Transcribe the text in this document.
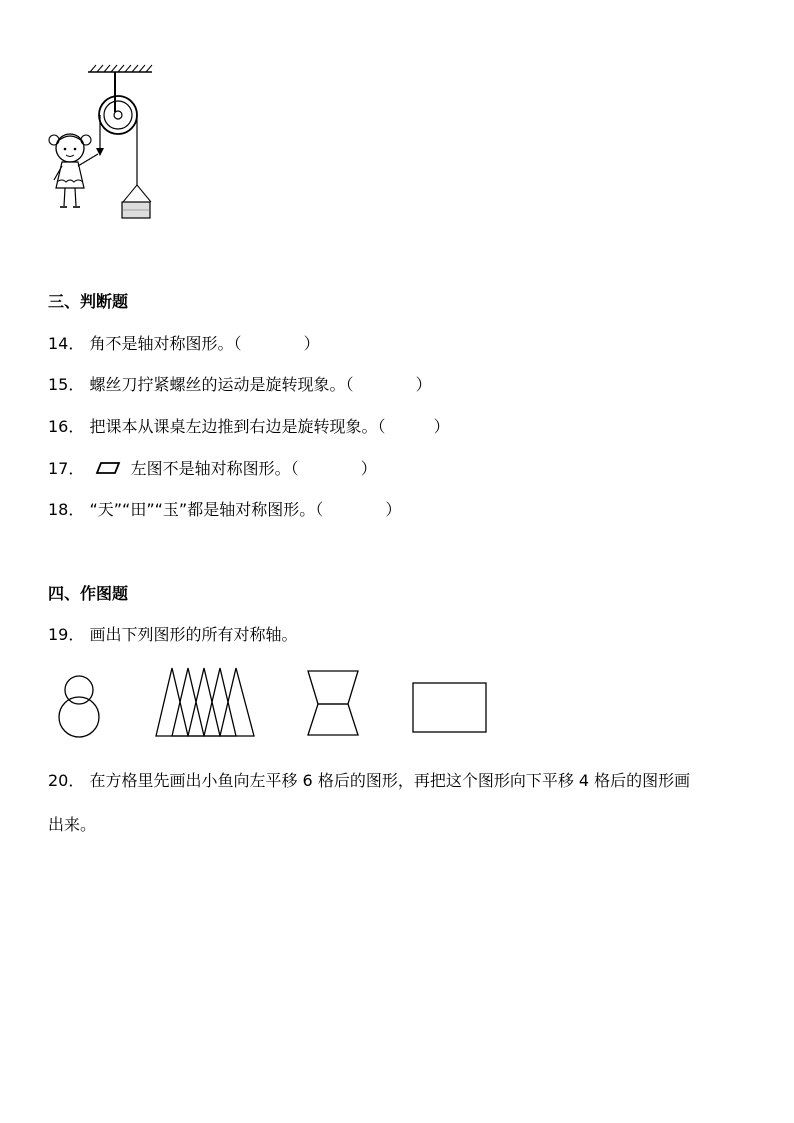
三、判断题
14． 角不是轴对称图形。（	）
15． 螺丝刀拧紧螺丝的运动是旋转现象。（	）
16． 把课本从课桌左边推到右边是旋转现象。（	）
17．	左图不是轴对称图形。（	）
18． “天”“田”“玉”都是轴对称图形。（	）
四、作图题
19． 画出下列图形的所有对称轴。
20． 在方格里先画出小鱼向左平移 6 格后的图形，再把这个图形向下平移 4 格后的图形画
出来。
